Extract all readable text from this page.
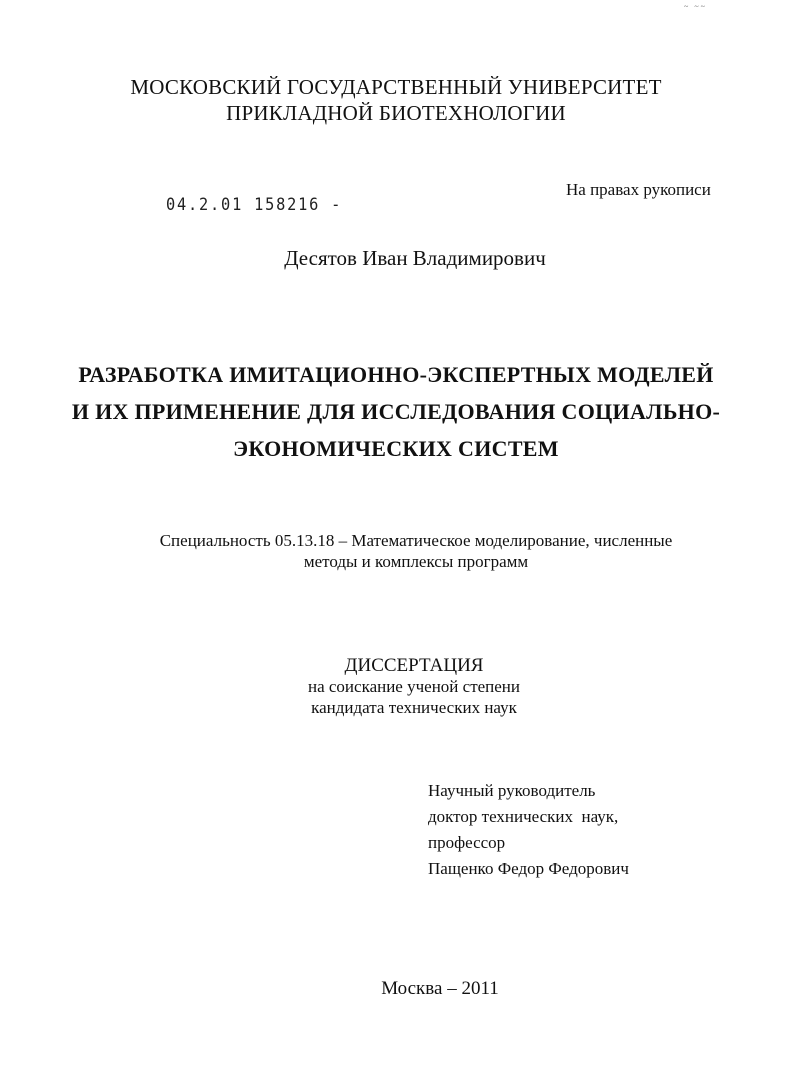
~ ~~
МОСКОВСКИЙ ГОСУДАРСТВЕННЫЙ УНИВЕРСИТЕТ
ПРИКЛАДНОЙ БИОТЕХНОЛОГИИ
На правах рукописи
04.2.01 158216 -
Десятов Иван Владимирович
РАЗРАБОТКА ИМИТАЦИОННО-ЭКСПЕРТНЫХ МОДЕЛЕЙ
И ИХ ПРИМЕНЕНИЕ ДЛЯ ИССЛЕДОВАНИЯ СОЦИАЛЬНО-
ЭКОНОМИЧЕСКИХ СИСТЕМ
Специальность 05.13.18 – Математическое моделирование, численные
методы и комплексы программ
ДИССЕРТАЦИЯ
на соискание ученой степени
кандидата технических наук
Научный руководитель
доктор технических  наук,
профессор
Пащенко Федор Федорович
Москва – 2011
